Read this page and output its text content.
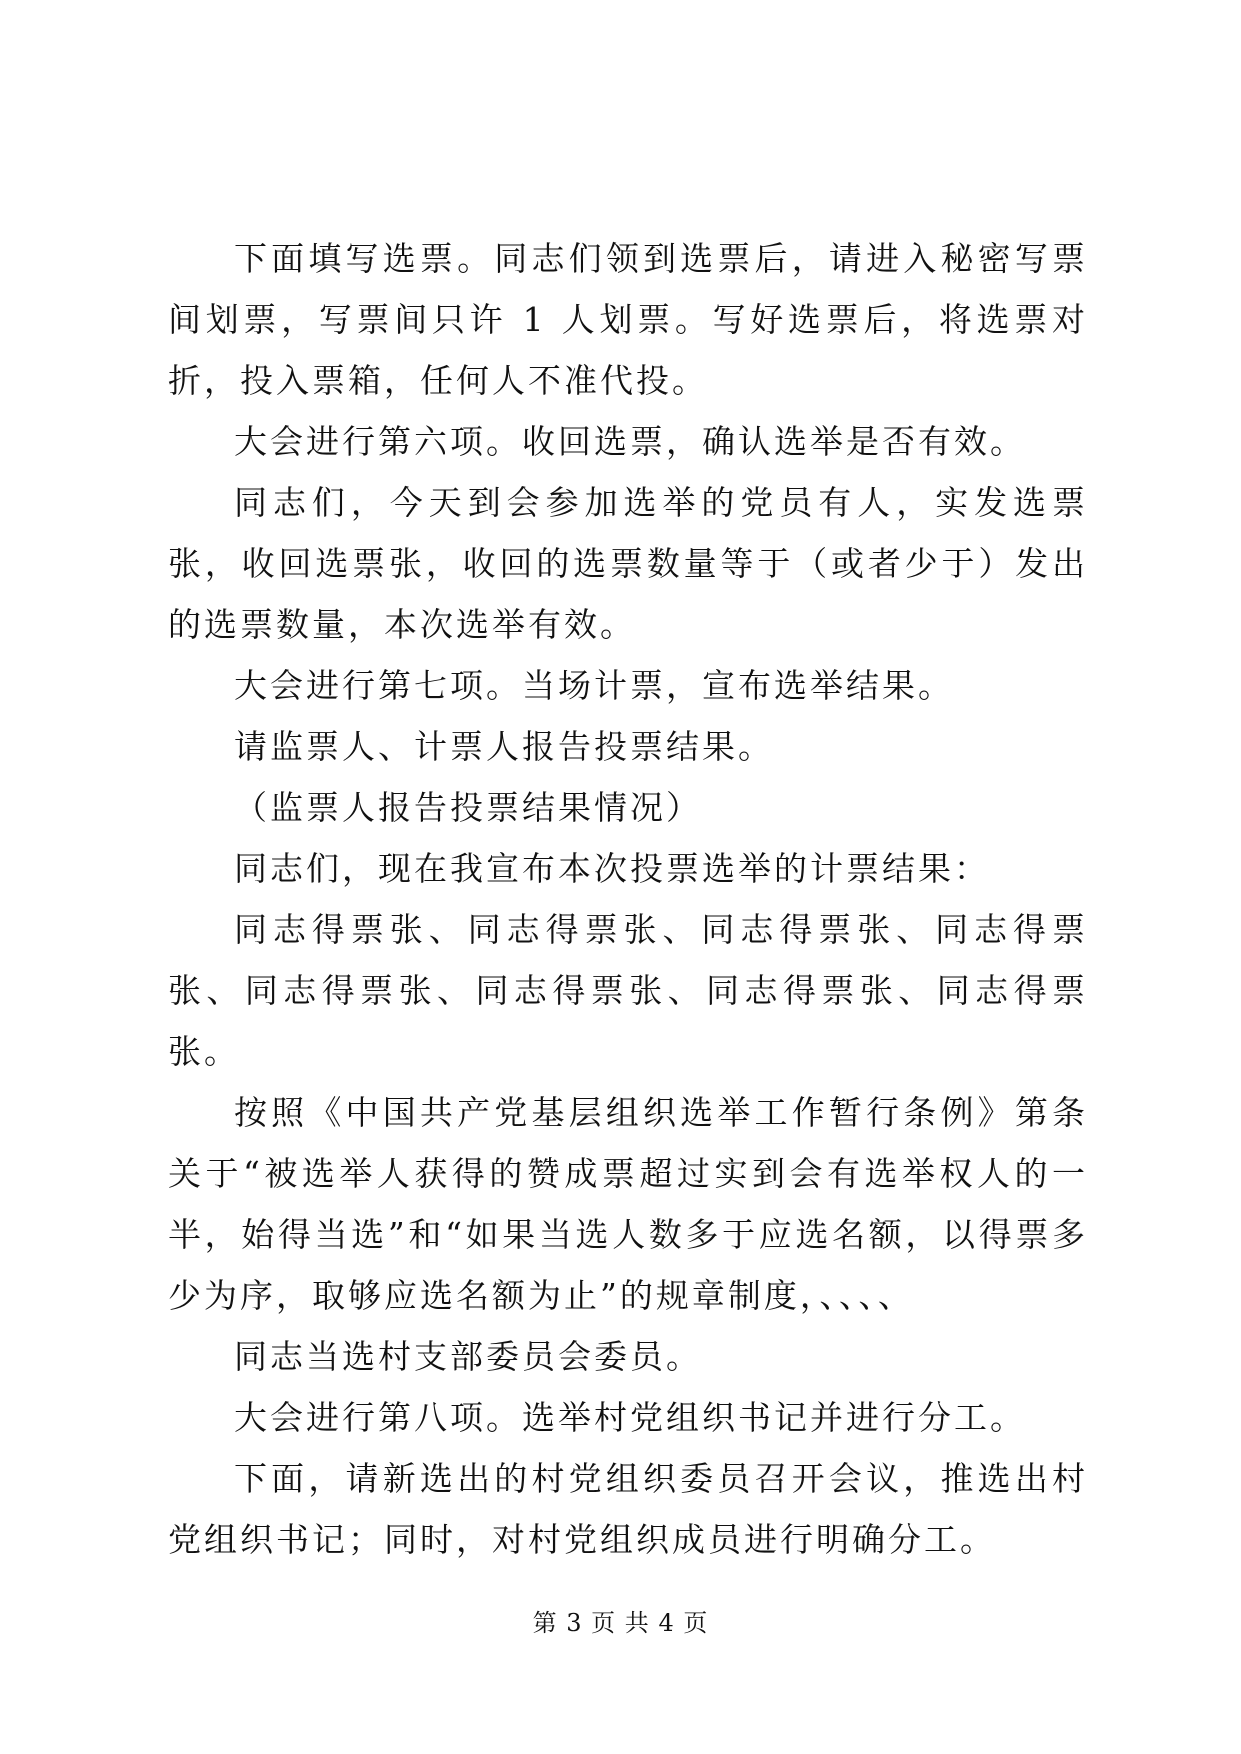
下面填写选票。同志们领到选票后，请进入秘密写票间划票，写票间只许 1 人划票。写好选票后，将选票对折，投入票箱，任何人不准代投。

大会进行第六项。收回选票，确认选举是否有效。

同志们，今天到会参加选举的党员有人，实发选票张，收回选票张，收回的选票数量等于（或者少于）发出的选票数量，本次选举有效。

大会进行第七项。当场计票，宣布选举结果。

请监票人、计票人报告投票结果。

（监票人报告投票结果情况）

同志们，现在我宣布本次投票选举的计票结果：

同志得票张、同志得票张、同志得票张、同志得票张、同志得票张、同志得票张、同志得票张、同志得票张。

按照《中国共产党基层组织选举工作暂行条例》第条关于“被选举人获得的赞成票超过实到会有选举权人的一半，始得当选”和“如果当选人数多于应选名额，以得票多少为序，取够应选名额为止”的规章制度，、、、、

同志当选村支部委员会委员。

大会进行第八项。选举村党组织书记并进行分工。

下面，请新选出的村党组织委员召开会议，推选出村党组织书记；同时，对村党组织成员进行明确分工。

第 3 页 共 4 页
